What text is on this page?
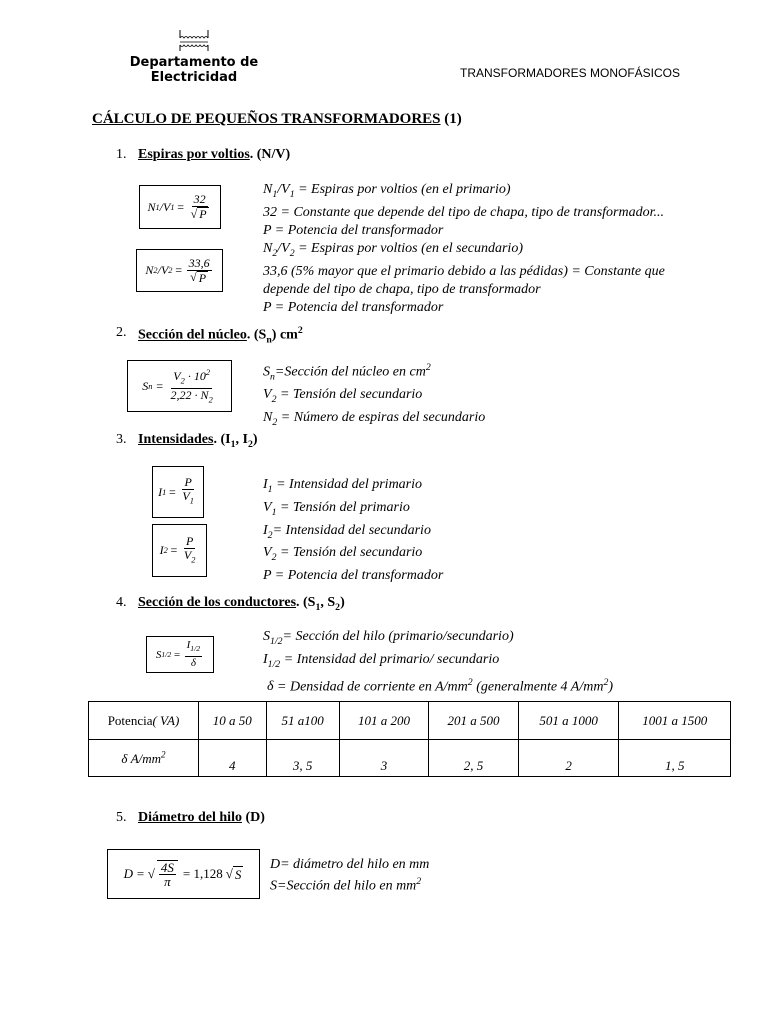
Departamento de Electricidad	TRANSFORMADORES MONOFÁSICOS
CÁLCULO DE PEQUEÑOS TRANSFORMADORES (1)
1. Espiras por voltios. (N/V)
N 1 /V $1 = \frac{32}{√ P}$
N 2 /V $2 = \frac{33,6}{√ P}$
$N_1/V_1$ = Espiras por voltios (en el primario)
32 = Constante que depende del tipo de chapa, tipo de transformador...
P = Potencia del transformador
$N_2/V_2$ = Espiras por voltios (en el secundario)
33,6 (5% mayor que el primario debido a las pédidas) = Constante que
depende del tipo de chapa, tipo de transformador
P = Potencia del transformador
2. Sección del núcleo. $(S_n)$ $cm^2$
S $n = \frac{V_2 \cdot 10^2}{2,22 \cdot N_2}$	$S_n=Sección$ del núcleo en $cm^2$
$V_2$ = Tensión del secundario
$N_2$ = Número de espiras del secundario
3. Intensidades. ($I_1$, $I_2$)
I $1 = \frac{P}{V_1}$
I $2 = \frac{P}{V_2}$
$I_1$ = Intensidad del primario
$V_1$ = Tensión del primario
$I_2=$ Intensidad del secundario
$V_2$ = Tensión del secundario
P = Potencia del transformador
4. Sección de los conductores. ($S_1$, $S_2$)
S $1/2 = \frac{I_{1/2}}{\delta}$
$S_{1/2}=$ Sección del hilo (primario/secundario)
$I_{1/2}$ = Intensidad del primario/ secundario
δ = Densidad de corriente en $A/mm^2$ (generalmente 4 $A/mm^2$)
Potencia( VA)	10 a 50	51 a100	101 a 200	201 a 500	501 a 1000	1001 a 1500
δ $A/mm^2$	4	3, 5	3	2, 5	2	1, 5
5. Diámetro del hilo (D)
D = √ $\frac{4S}{\pi} = 1,128$ √ S
D= diámetro del hilo en mm
S=Sección del hilo en $mm^2$
